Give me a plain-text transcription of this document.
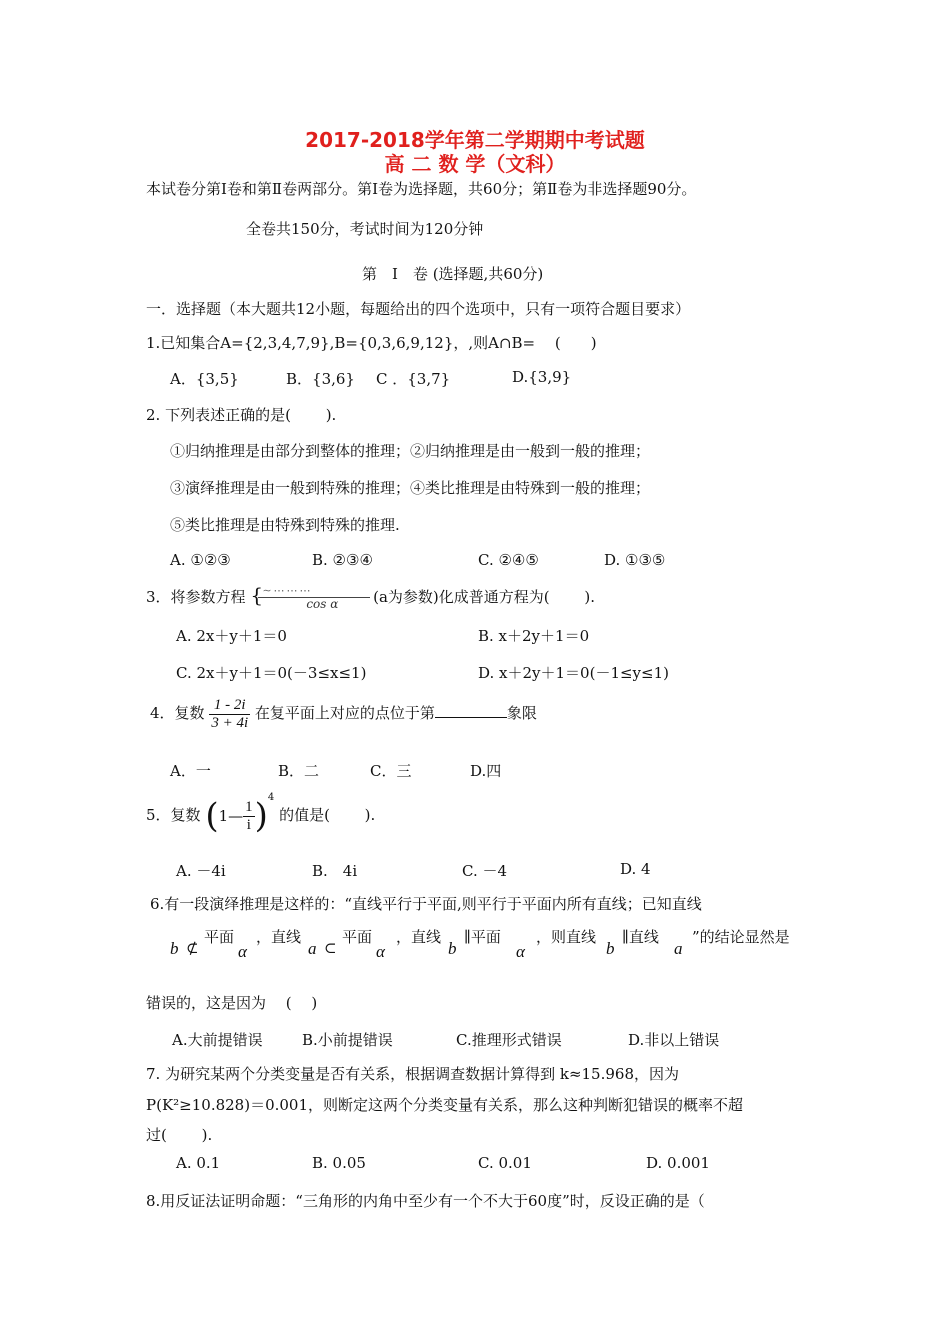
2017-2018学年第二学期期中考试题
高 二 数 学（文科）
本试卷分第Ⅰ卷和第Ⅱ卷两部分。第Ⅰ卷为选择题，共60分；第Ⅱ卷为非选择题90分。
全卷共150分，考试时间为120分钟
第　Ⅰ　卷 (选择题,共60分)
一．选择题（本大题共12小题，每题给出的四个选项中，只有一项符合题目要求）
1.已知集合A={2,3,4,7,9},B={0,3,6,9,12}，,则A∩B=　 (　　)
A．{3,5}	B．{3,6} C ．{3,7}	D.{3,9}
2. 下列表述正确的是(　　 ).
①归纳推理是由部分到整体的推理；②归纳推理是由一般到一般的推理；
③演绎推理是由一般到特殊的推理；④类比推理是由特殊到一般的推理；
⑤类比推理是由特殊到特殊的推理.
A. ①②③	B. ②③④	C. ②④⑤	D. ①③⑤
3．将参数方程 { ∼⋯⋯⋯
cos α (a为参数)化成普通方程为(　　 ).
A. 2x＋y＋1＝0	B. x＋2y＋1＝0
C. 2x＋y＋1＝0(－3≤x≤1)	D. x＋2y＋1＝0(－1≤y≤1)
4．复数 $\frac{1 - 2i}{3 + 4i}$ 在复平面上对应的点位于第	象限
A．一	B．二	C．三	D.四
5．复数 (1— $\frac{1}{i} )^4$ 的值是(　　 ).
A. －4i	B.　4i	C. －4	D. 4
6.有一段演绎推理是这样的：“直线平行于平面,则平行于平面内所有直线；已知直线
b ⊄
平面
α
，直线
a ⊂
平面
α
，直线
b
∥平面
α
，则直线
b
∥直线
a
”的结论显然是
错误的，这是因为　 (　 )
A.大前提错误	B.小前提错误	C.推理形式错误	D.非以上错误
7. 为研究某两个分类变量是否有关系，根据调查数据计算得到 k≈15.968，因为
P(K²≥10.828)＝0.001，则断定这两个分类变量有关系，那么这种判断犯错误的概率不超
过(　　 ).
A. 0.1	B. 0.05	C. 0.01	D. 0.001
8.用反证法证明命题：“三角形的内角中至少有一个不大于60度”时，反设正确的是（
